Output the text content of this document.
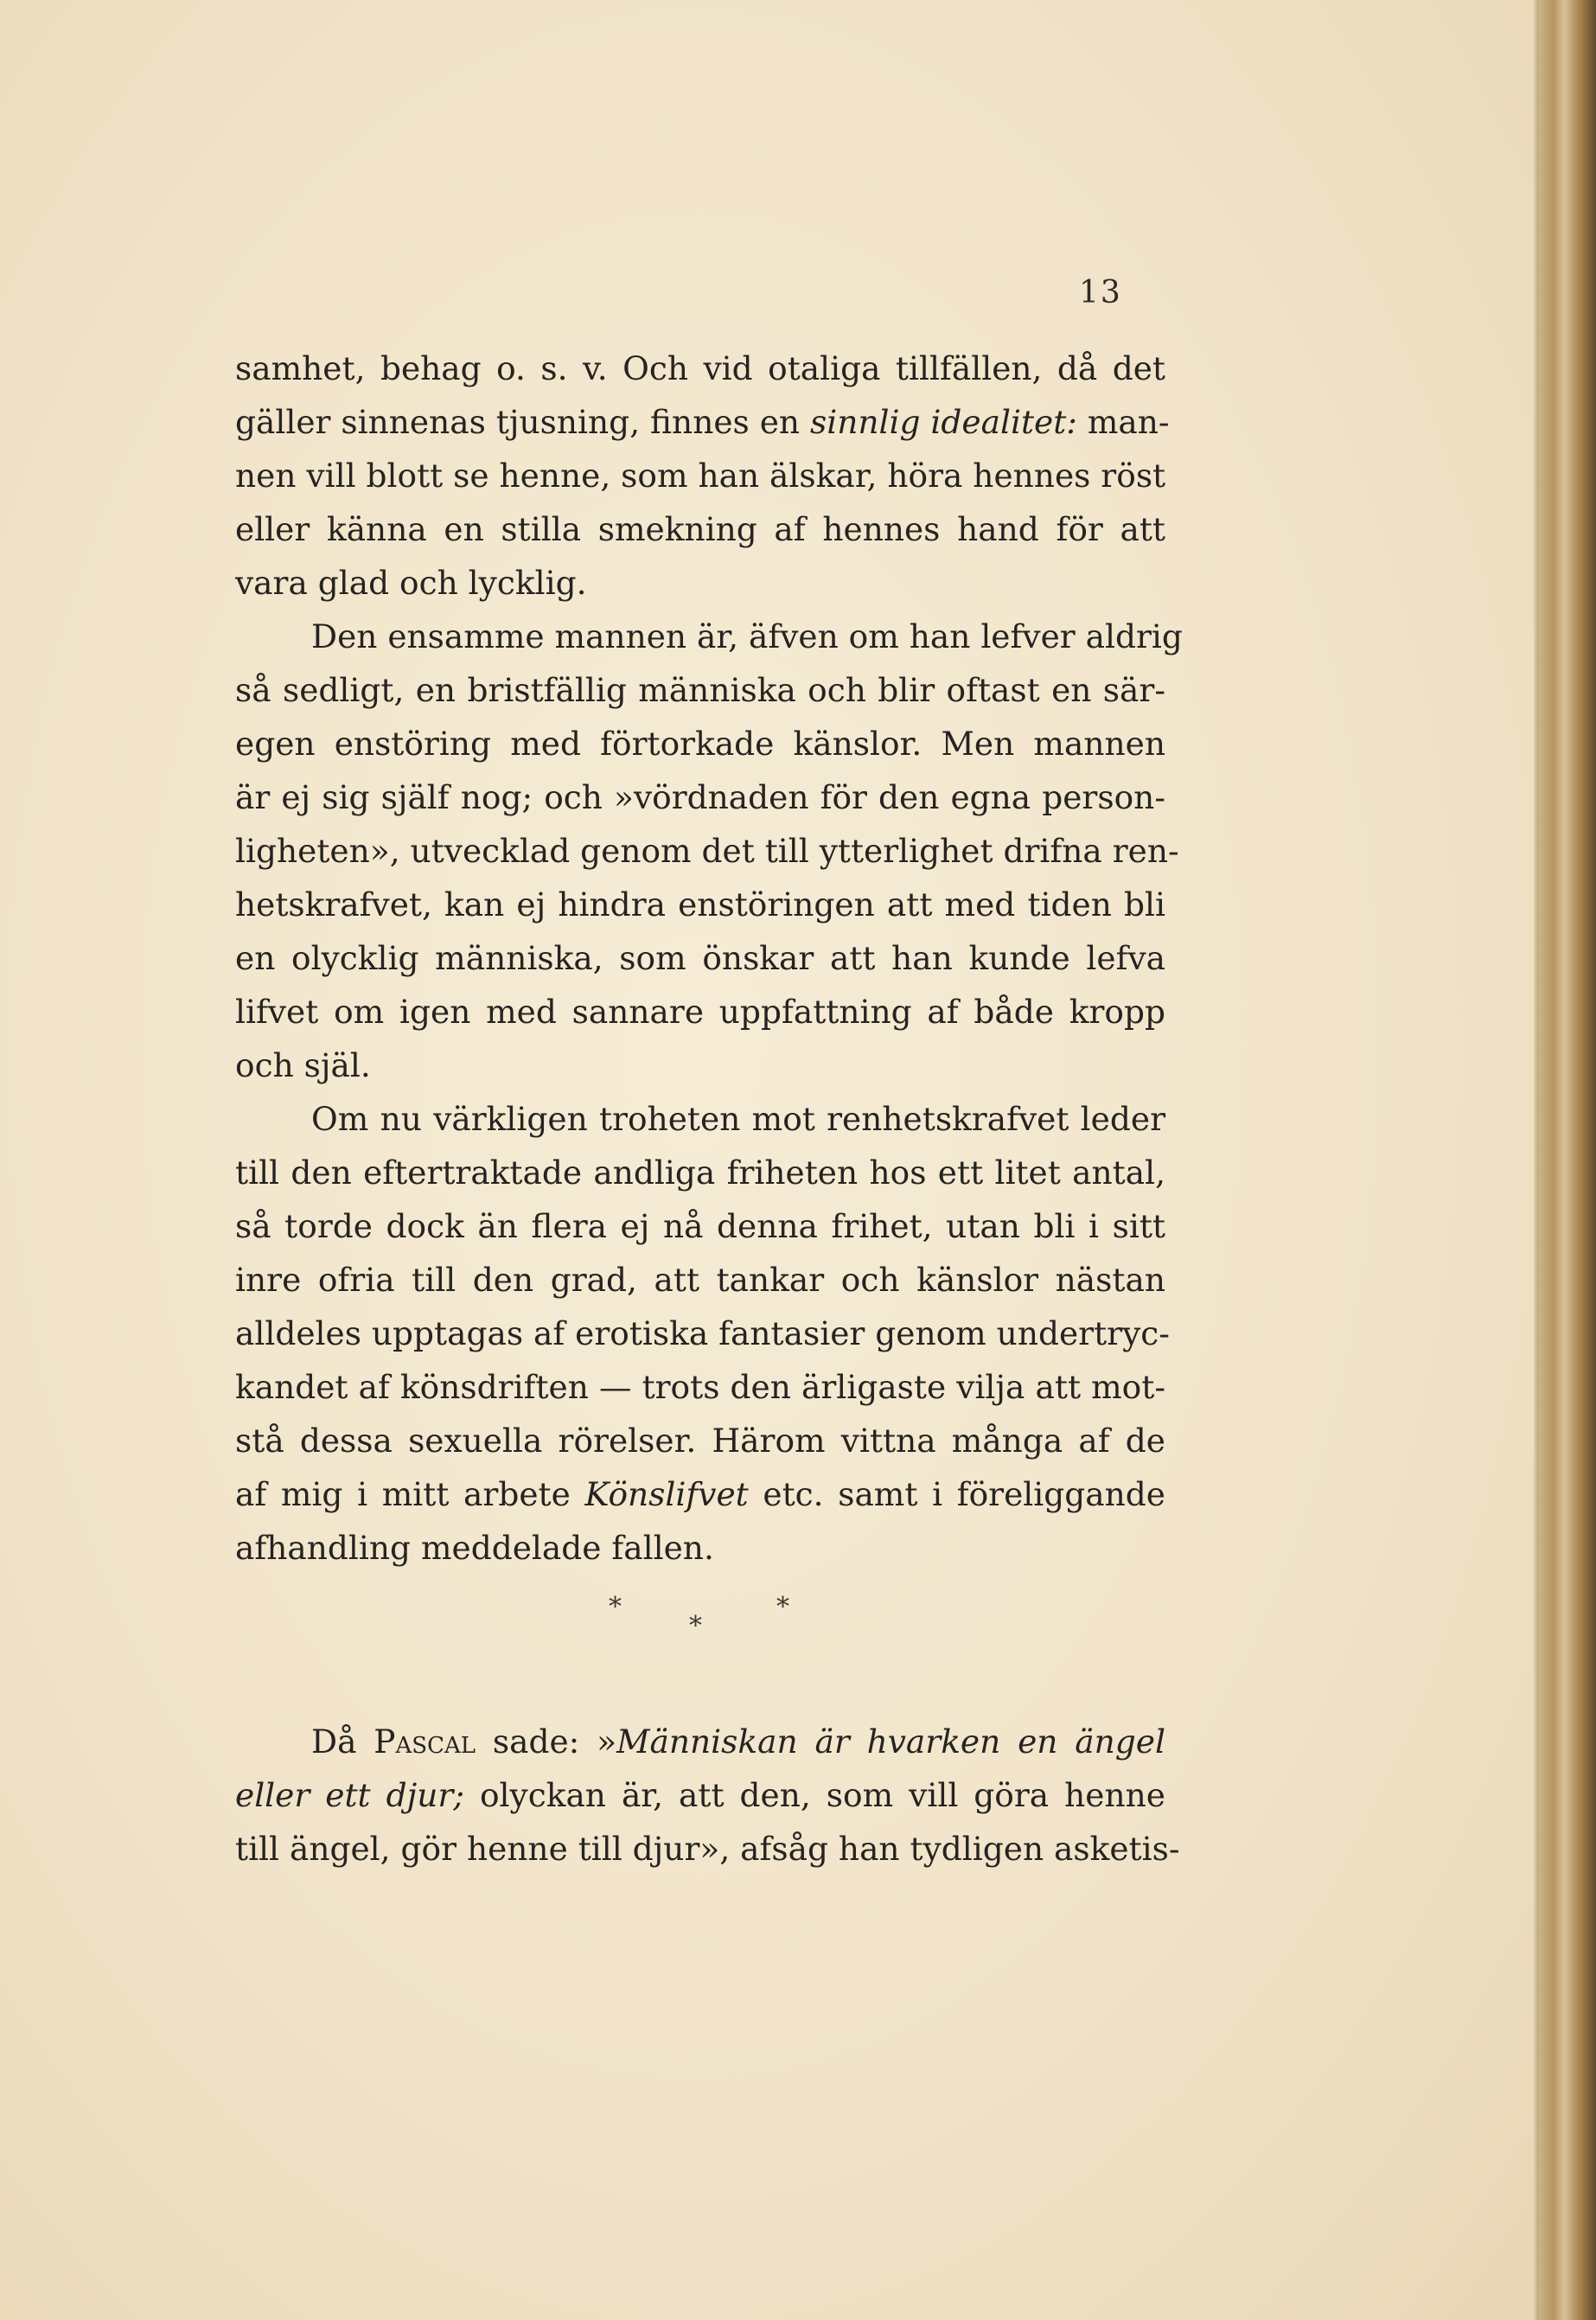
13
samhet, behag o. s. v. Och vid otaliga tillfällen, då det
gäller sinnenas tjusning, finnes en sinnlig idealitet: man-
nen vill blott se henne, som han älskar, höra hennes röst
eller känna en stilla smekning af hennes hand för att
vara glad och lycklig.
Den ensamme mannen är, äfven om han lefver aldrig
så sedligt, en bristfällig människa och blir oftast en sär-
egen enstöring med förtorkade känslor. Men mannen
är ej sig själf nog; och »vördnaden för den egna person-
ligheten», utvecklad genom det till ytterlighet drifna ren-
hetskrafvet, kan ej hindra enstöringen att med tiden bli
en olycklig människa, som önskar att han kunde lefva
lifvet om igen med sannare uppfattning af både kropp
och själ.
Om nu värkligen troheten mot renhetskrafvet leder
till den eftertraktade andliga friheten hos ett litet antal,
så torde dock än flera ej nå denna frihet, utan bli i sitt
inre ofria till den grad, att tankar och känslor nästan
alldeles upptagas af erotiska fantasier genom undertryc-
kandet af könsdriften — trots den ärligaste vilja att mot-
stå dessa sexuella rörelser. Härom vittna många af de
af mig i mitt arbete Könslifvet etc. samt i föreliggande
afhandling meddelade fallen.
*
*
*
Då Pascal sade: »Människan är hvarken en ängel
eller ett djur; olyckan är, att den, som vill göra henne
till ängel, gör henne till djur», afsåg han tydligen asketis-
